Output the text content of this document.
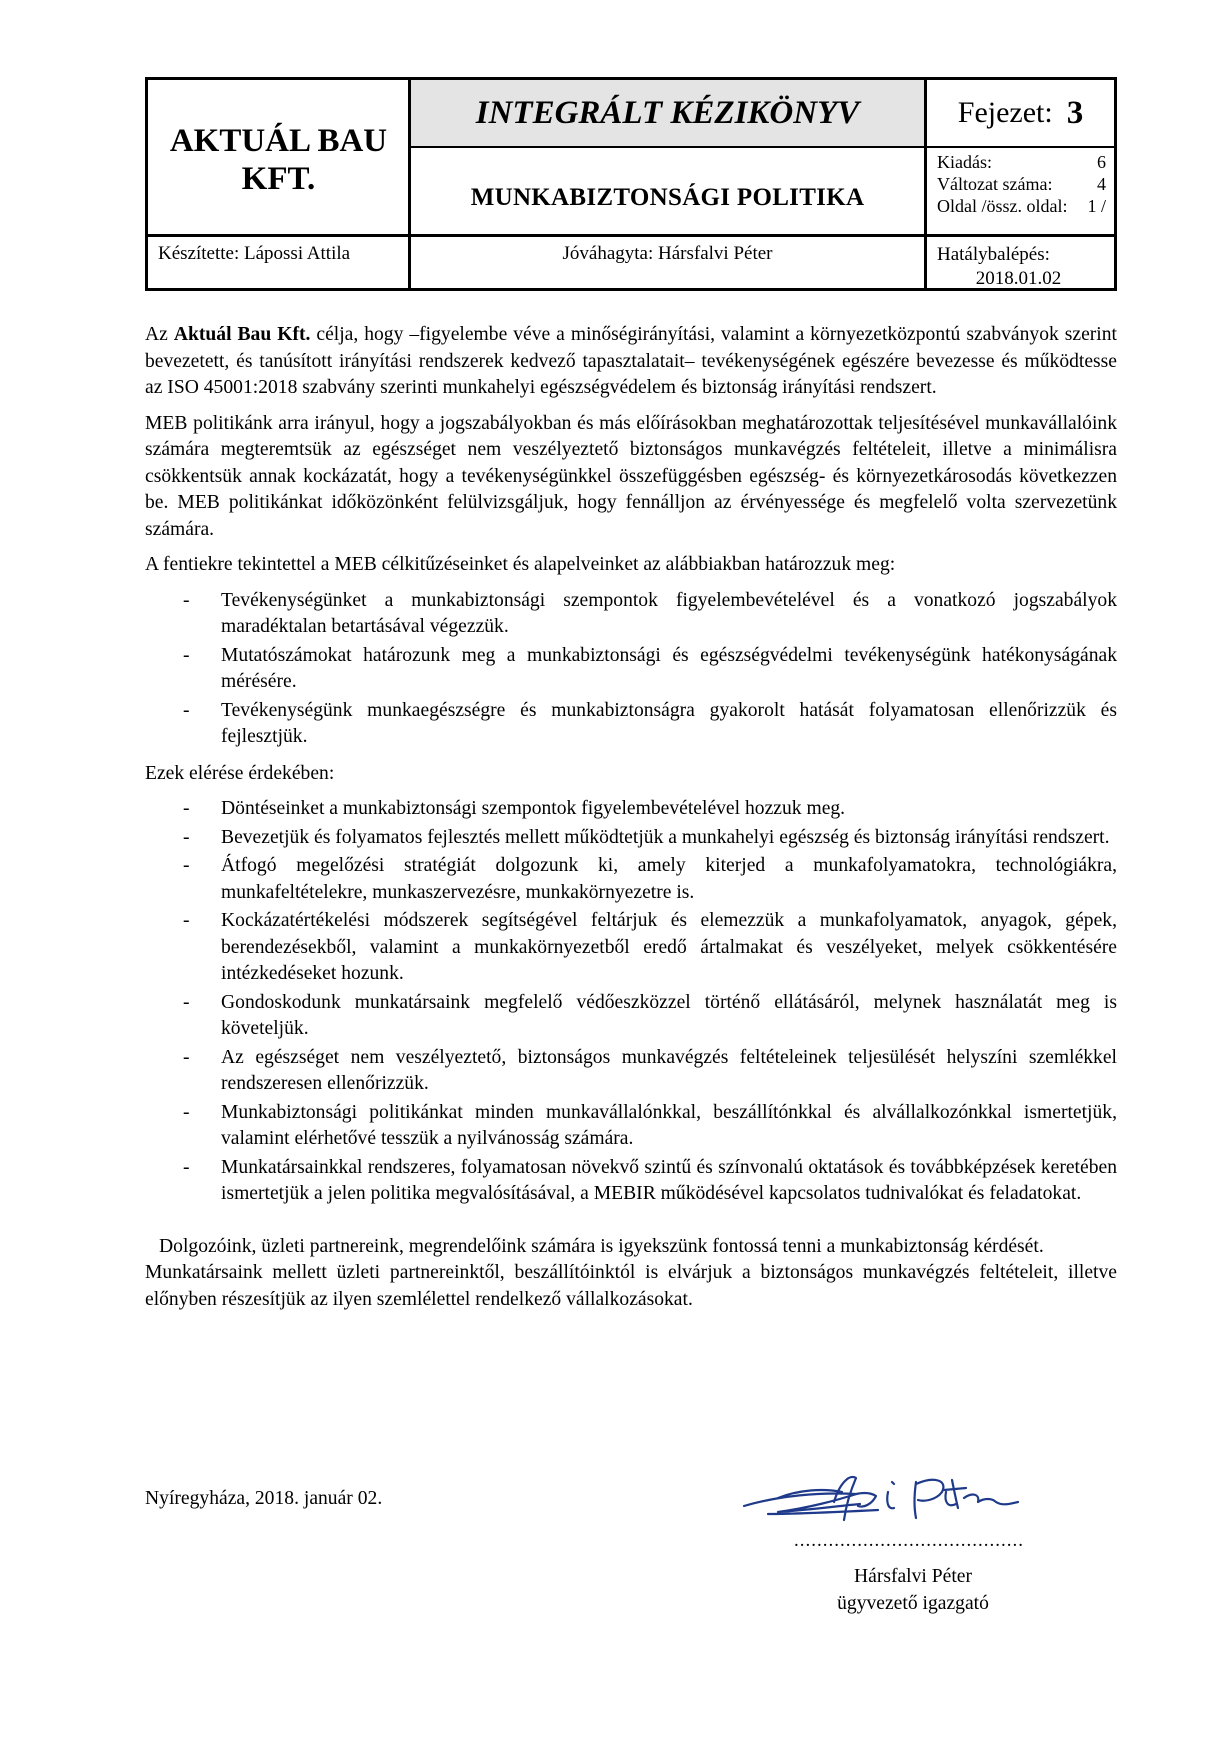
AKTUÁL BAU KFT.
INTEGRÁLT KÉZIKÖNYV
MUNKABIZTONSÁGI POLITIKA
Fejezet: 3
Kiadás:	6
Változat száma: 4
Oldal /össz. oldal: 1 /
Készítette: Lápossi Attila	Jóváhagyta: Hársfalvi Péter	Hatálybalépés:
2018.01.02

Az Aktuál Bau Kft. célja, hogy –figyelembe véve a minőségirányítási, valamint a környezetközpontú szabványok szerint bevezetett, és tanúsított irányítási rendszerek kedvező tapasztalatait– tevékenységének egészére bevezesse és működtesse az ISO 45001:2018 szabvány szerinti munkahelyi egészségvédelem és biztonság irányítási rendszert.

MEB politikánk arra irányul, hogy a jogszabályokban és más előírásokban meghatározottak teljesítésével munkavállalóink számára megteremtsük az egészséget nem veszélyeztető biztonságos munkavégzés feltételeit, illetve a minimálisra csökkentsük annak kockázatát, hogy a tevékenységünkkel összefüggésben egészség- és környezetkárosodás következzen be. MEB politikánkat időközönként felülvizsgáljuk, hogy fennálljon az érvényessége és megfelelő volta szervezetünk számára.

A fentiekre tekintettel a MEB célkitűzéseinket és alapelveinket az alábbiakban határozzuk meg:

- Tevékenységünket a munkabiztonsági szempontok figyelembevételével és a vonatkozó jogszabályok maradéktalan betartásával végezzük.
- Mutatószámokat határozunk meg a munkabiztonsági és egészségvédelmi tevékenységünk hatékonyságának mérésére.
- Tevékenységünk munkaegészségre és munkabiztonságra gyakorolt hatását folyamatosan ellenőrizzük és fejlesztjük.

Ezek elérése érdekében:

- Döntéseinket a munkabiztonsági szempontok figyelembevételével hozzuk meg.
- Bevezetjük és folyamatos fejlesztés mellett működtetjük a munkahelyi egészség és biztonság irányítási rendszert.
- Átfogó megelőzési stratégiát dolgozunk ki, amely kiterjed a munkafolyamatokra, technológiákra, munkafeltételekre, munkaszervezésre, munkakörnyezetre is.
- Kockázatértékelési módszerek segítségével feltárjuk és elemezzük a munkafolyamatok, anyagok, gépek, berendezésekből, valamint a munkakörnyezetből eredő ártalmakat és veszélyeket, melyek csökkentésére intézkedéseket hozunk.
- Gondoskodunk munkatársaink megfelelő védőeszközzel történő ellátásáról, melynek használatát meg is követeljük.
- Az egészséget nem veszélyeztető, biztonságos munkavégzés feltételeinek teljesülését helyszíni szemlékkel rendszeresen ellenőrizzük.
- Munkabiztonsági politikánkat minden munkavállalónkkal, beszállítónkkal és alvállalkozónkkal ismertetjük, valamint elérhetővé tesszük a nyilvánosság számára.
- Munkatársainkkal rendszeres, folyamatosan növekvő szintű és színvonalú oktatások és továbbképzések keretében ismertetjük a jelen politika megvalósításával, a MEBIR működésével kapcsolatos tudnivalókat és feladatokat.

Dolgozóink, üzleti partnereink, megrendelőink számára is igyekszünk fontossá tenni a munkabiztonság kérdését.

Munkatársaink mellett üzleti partnereinktől, beszállítóinktól is elvárjuk a biztonságos munkavégzés feltételeit, illetve előnyben részesítjük az ilyen szemlélettel rendelkező vállalkozásokat.

Nyíregyháza, 2018. január 02.
........................................
Hársfalvi Péter
ügyvezető igazgató
